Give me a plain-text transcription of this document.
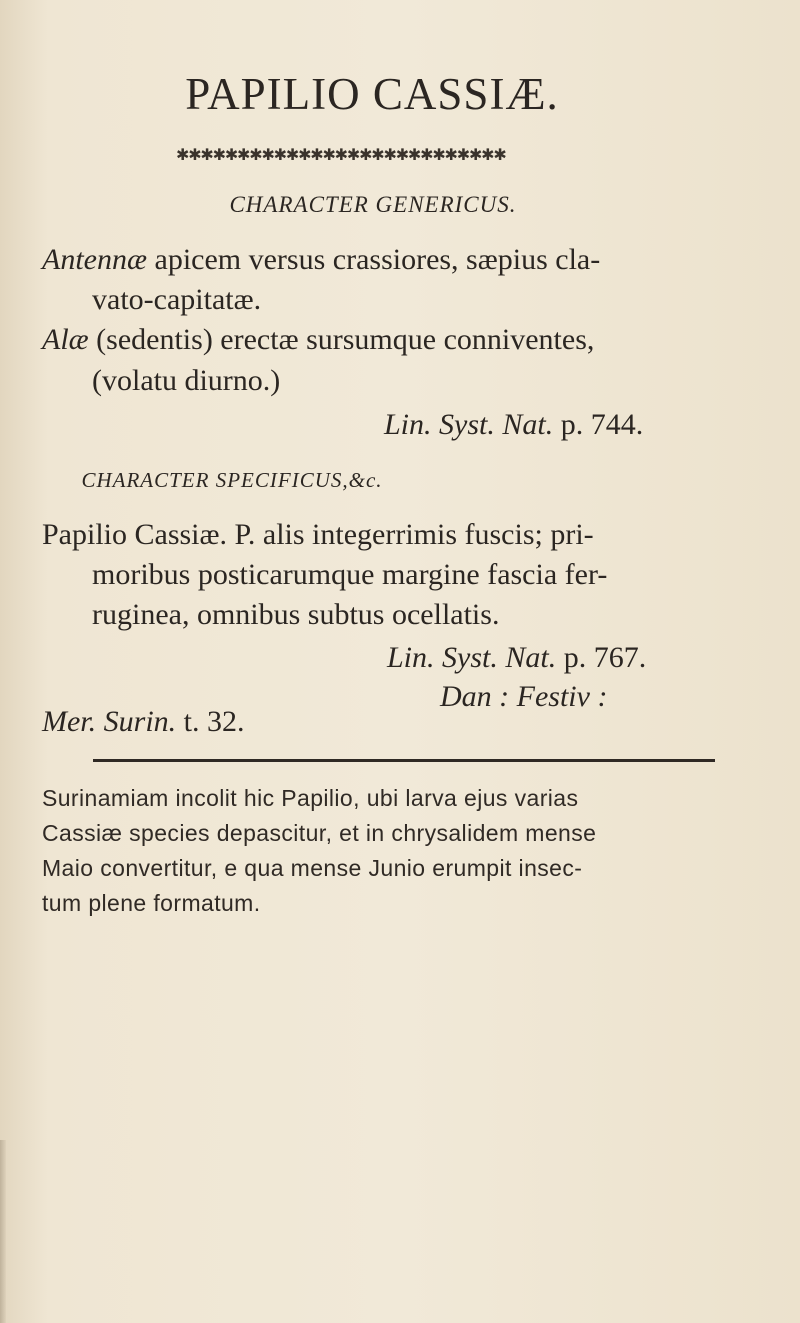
PAPILIO CASSIÆ.
✱✱✱✱✱✱✱✱✱✱✱✱✱✱✱✱✱✱✱✱✱✱✱✱✱✱✱
CHARACTER GENERICUS.
Antennæ apicem versus crassiores, sæpius cla-
vato-capitatæ.
Alæ (sedentis) erectæ sursumque conniventes,
(volatu diurno.)
Lin. Syst. Nat. p. 744.
CHARACTER SPECIFICUS,&c.
Papilio Cassiæ. P. alis integerrimis fuscis; pri-
moribus posticarumque margine fascia fer-
ruginea, omnibus subtus ocellatis.
Lin. Syst. Nat. p. 767.
Dan : Festiv :
Mer. Surin. t. 32.
Surinamiam incolit hic Papilio, ubi larva ejus varias
Cassiæ species depascitur, et in chrysalidem mense
Maio convertitur, e qua mense Junio erumpit insec-
tum plene formatum.
